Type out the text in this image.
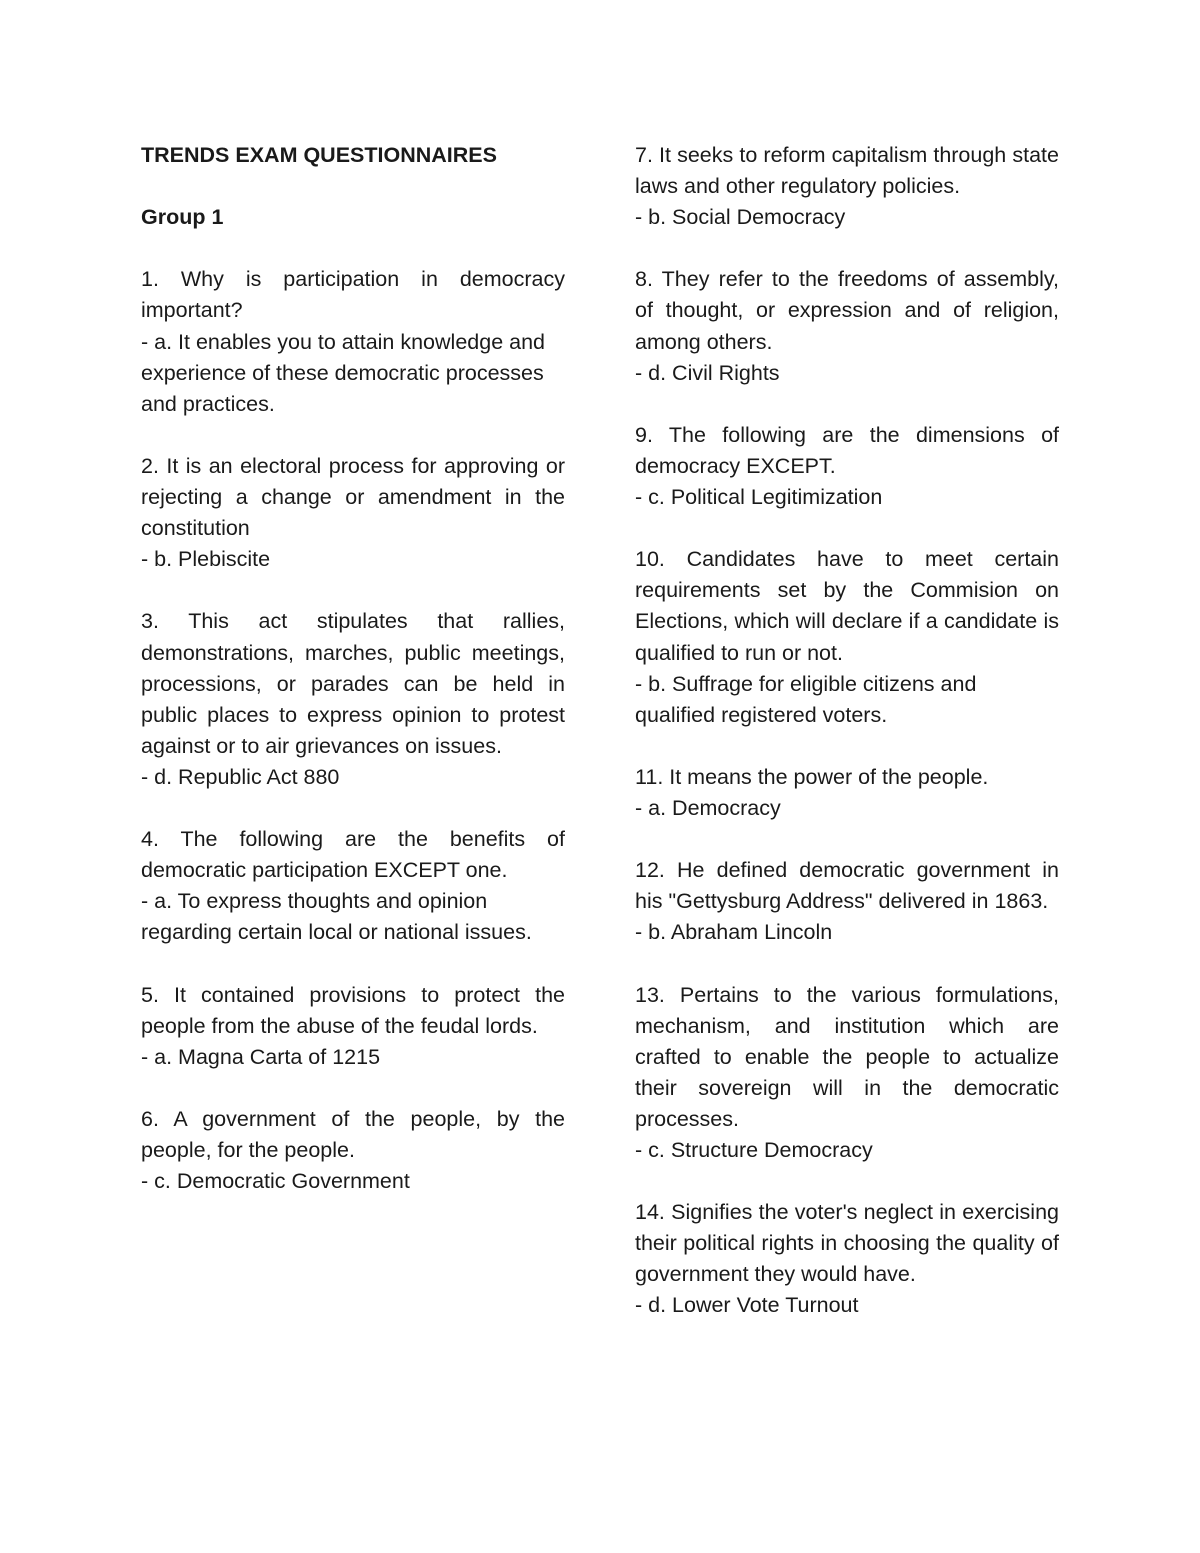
TRENDS EXAM QUESTIONNAIRES
Group 1

1. Why is participation in democracy important?

- a. It enables you to attain knowledge and experience of these democratic processes and practices.

2. It is an electoral process for approving or rejecting a change or amendment in the constitution

- b. Plebiscite

3. This act stipulates that rallies, demonstrations, marches, public meetings, processions, or parades can be held in public places to express opinion to protest against or to air grievances on issues.

- d. Republic Act 880

4. The following are the benefits of democratic participation EXCEPT one.

- a. To express thoughts and opinion regarding certain local or national issues.

5. It contained provisions to protect the people from the abuse of the feudal lords.

- a. Magna Carta of 1215

6. A government of the people, by the people, for the people.

- c. Democratic Government

7. It seeks to reform capitalism through state laws and other regulatory policies.

- b. Social Democracy

8. They refer to the freedoms of assembly, of thought, or expression and of religion, among others.

- d. Civil Rights

9. The following are the dimensions of democracy EXCEPT.

- c. Political Legitimization

10. Candidates have to meet certain requirements set by the Commision on Elections, which will declare if a candidate is qualified to run or not.

- b. Suffrage for eligible citizens and qualified registered voters.

11. It means the power of the people.

- a. Democracy

12. He defined democratic government in his "Gettysburg Address" delivered in 1863.

- b. Abraham Lincoln

13. Pertains to the various formulations, mechanism, and institution which are crafted to enable the people to actualize their sovereign will in the democratic processes.

- c. Structure Democracy

14. Signifies the voter's neglect in exercising their political rights in choosing the quality of government they would have.

- d. Lower Vote Turnout
